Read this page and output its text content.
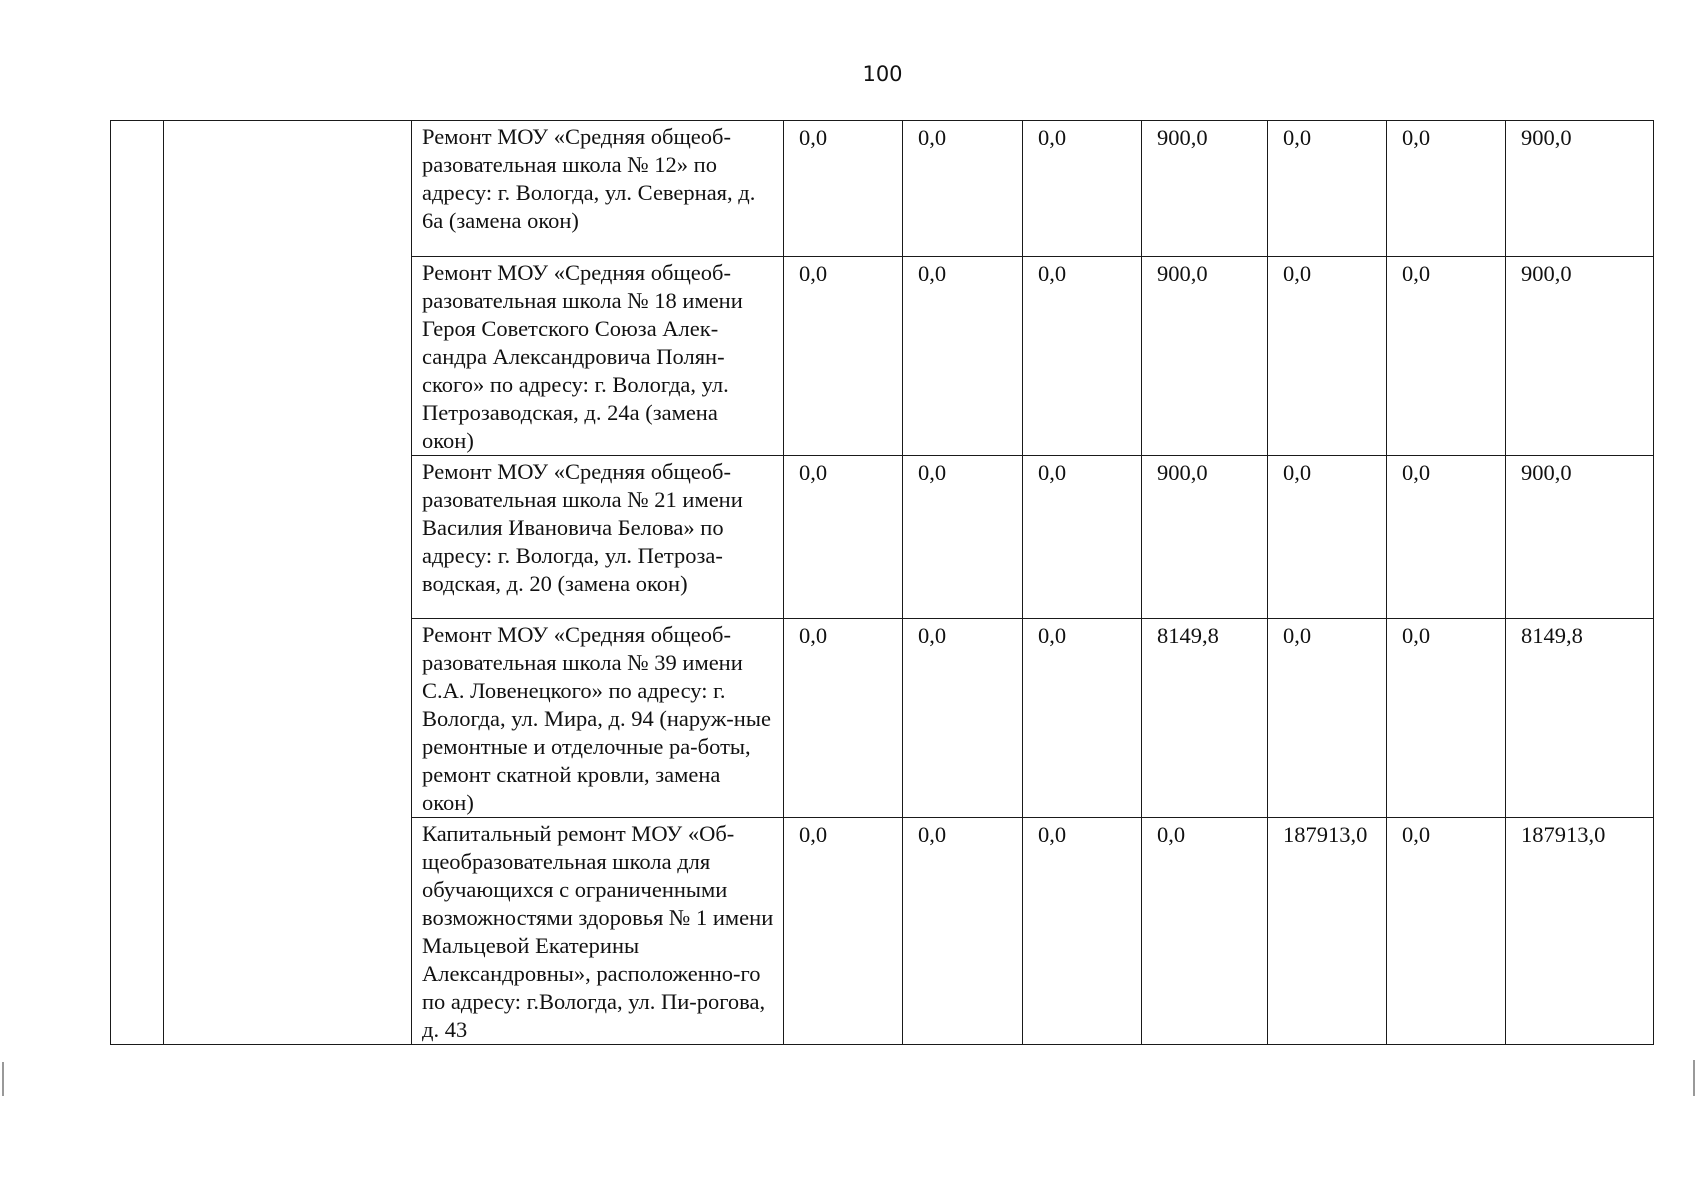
100
		Ремонт МОУ «Средняя общеоб-разовательная школа № 12» по адресу: г. Вологда, ул. Северная, д. 6а (замена окон)	0,0	0,0	0,0	900,0	0,0	0,0	900,0
		Ремонт МОУ «Средняя общеоб-разовательная школа № 18 имени Героя Советского Союза Алек-сандра Александровича Полян-ского» по адресу: г. Вологда, ул. Петрозаводская, д. 24а (замена окон)	0,0	0,0	0,0	900,0	0,0	0,0	900,0
		Ремонт МОУ «Средняя общеоб-разовательная школа № 21 имени Василия Ивановича Белова» по адресу: г. Вологда, ул. Петроза-водская, д. 20 (замена окон)	0,0	0,0	0,0	900,0	0,0	0,0	900,0
		Ремонт МОУ «Средняя общеоб-разовательная школа № 39 имени С.А. Ловенецкого» по адресу: г. Вологда, ул. Мира, д. 94 (наруж-ные ремонтные и отделочные ра-боты, ремонт скатной кровли, замена окон)	0,0	0,0	0,0	8149,8	0,0	0,0	8149,8
		Капитальный ремонт МОУ «Об-щеобразовательная школа для обучающихся с ограниченными возможностями здоровья № 1 имени Мальцевой Екатерины Александровны», расположенно-го по адресу: г.Вологда, ул. Пи-рогова, д. 43	0,0	0,0	0,0	0,0	187913,0	0,0	187913,0
